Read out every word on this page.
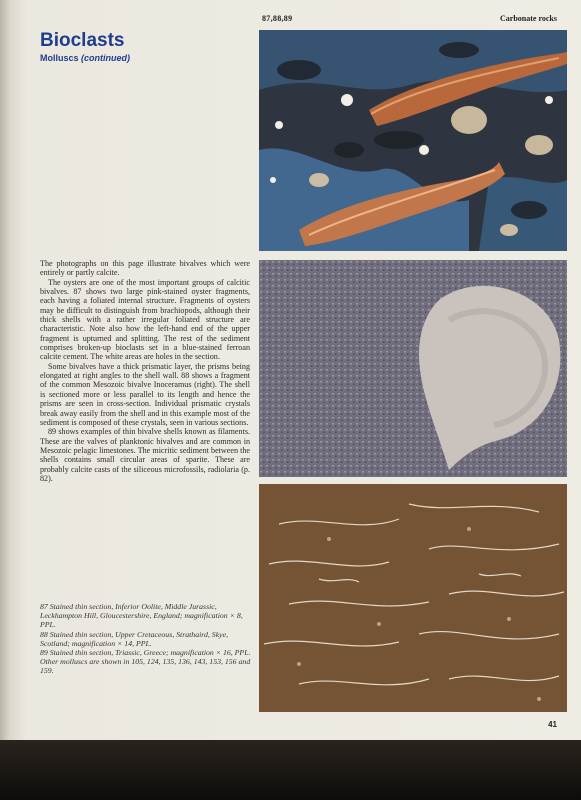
87,88,89	Carbonate rocks
Bioclasts
Molluscs (continued)

The photographs on this page illustrate bivalves which were entirely or partly calcite.

The oysters are one of the most important groups of calcitic bivalves. 87 shows two large pink-stained oyster fragments, each having a foliated internal structure. Fragments of oysters may be difficult to distinguish from brachiopods, although their thick shells with a rather irregular foliated structure are characteristic. Note also how the left-hand end of the upper fragment is upturned and splitting. The rest of the sediment comprises broken-up bioclasts set in a blue-stained ferroan calcite cement. The white areas are holes in the section.

Some bivalves have a thick prismatic layer, the prisms being elongated at right angles to the shell wall. 88 shows a fragment of the common Mesozoic bivalve Inoceramus (right). The shell is sectioned more or less parallel to its length and hence the prisms are seen in cross-section. Individual prismatic crystals break away easily from the shell and in this example most of the sediment is composed of these crystals, seen in various sections.

89 shows examples of thin bivalve shells known as filaments. These are the valves of planktonic bivalves and are common in Mesozoic pelagic limestones. The micritic sediment between the shells contains small circular areas of sparite. These are probably calcite casts of the siliceous microfossils, radiolaria (p. 82).

87 Stained thin section, Inferior Oolite, Middle Jurassic, Leckhampton Hill, Gloucestershire, England; magnification × 8, PPL.

88 Stained thin section, Upper Cretaceous, Strathaird, Skye, Scotland; magnification × 14, PPL.

89 Stained thin section, Triassic, Greece; magnification × 16, PPL.

Other molluscs are shown in 105, 124, 135, 136, 143, 153, 156 and 159.

41
